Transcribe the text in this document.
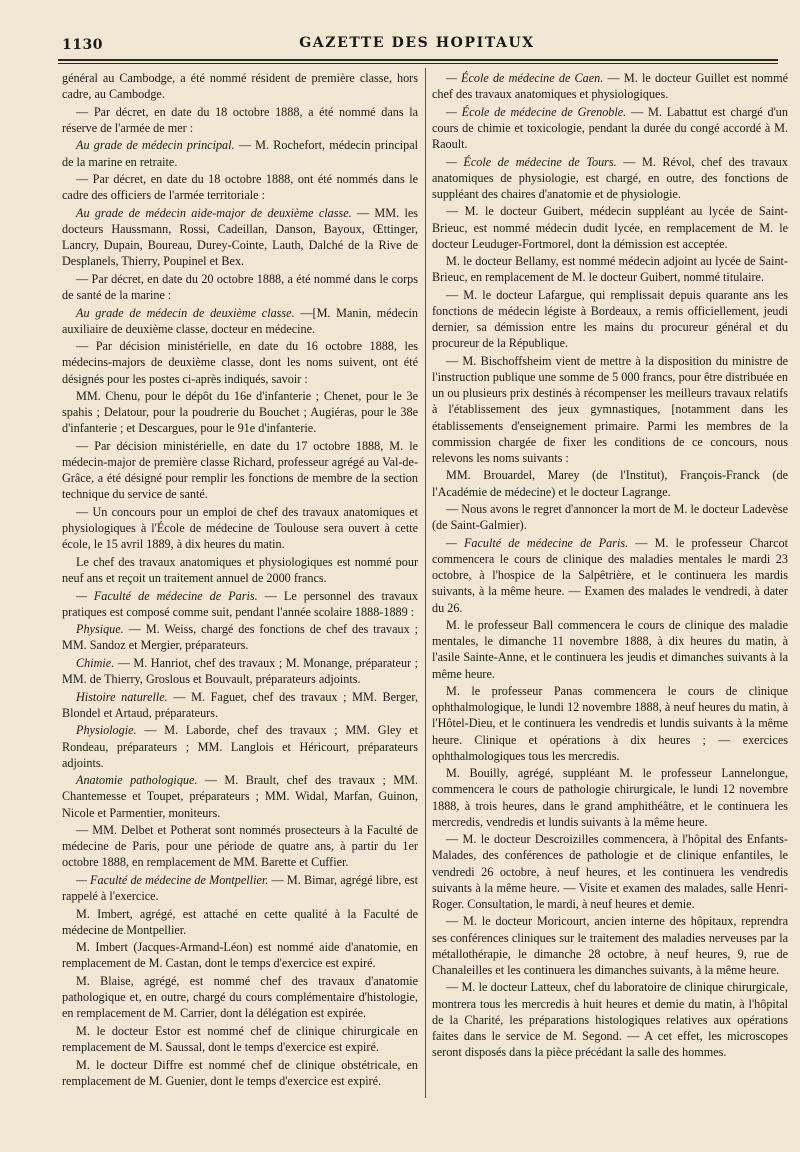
1130	GAZETTE DES HOPITAUX

général au Cambodge, a été nommé résident de première classe, hors cadre, au Cambodge.

— Par décret, en date du 18 octobre 1888, a été nommé dans la réserve de l'armée de mer :

Au grade de médecin principal. — M. Rochefort, médecin principal de la marine en retraite.

— Par décret, en date du 18 octobre 1888, ont été nommés dans le cadre des officiers de l'armée territoriale :

Au grade de médecin aide-major de deuxième classe. — MM. les docteurs Haussmann, Rossi, Cadeillan, Danson, Bayoux, Œttinger, Lancry, Dupain, Boureau, Durey-Cointe, Lauth, Dalché de la Rive de Desplanels, Thierry, Poupinel et Bex.

— Par décret, en date du 20 octobre 1888, a été nommé dans le corps de santé de la marine :

Au grade de médecin de deuxième classe. —[M. Manin, médecin auxiliaire de deuxième classe, docteur en médecine.

— Par décision ministérielle, en date du 16 octobre 1888, les médecins-majors de deuxième classe, dont les noms suivent, ont été désignés pour les postes ci-après indiqués, savoir :

MM. Chenu, pour le dépôt du 16e d'infanterie ; Chenet, pour le 3e spahis ; Delatour, pour la poudrerie du Bouchet ; Augiéras, pour le 38e d'infanterie ; et Descargues, pour le 91e d'infanterie.

— Par décision ministérielle, en date du 17 octobre 1888, M. le médecin-major de première classe Richard, professeur agrégé au Val-de-Grâce, a été désigné pour remplir les fonctions de membre de la section technique du service de santé.

— Un concours pour un emploi de chef des travaux anatomiques et physiologiques à l'École de médecine de Toulouse sera ouvert à cette école, le 15 avril 1889, à dix heures du matin.

Le chef des travaux anatomiques et physiologiques est nommé pour neuf ans et reçoit un traitement annuel de 2000 francs.

— Faculté de médecine de Paris. — Le personnel des travaux pratiques est composé comme suit, pendant l'année scolaire 1888-1889 :

Physique. — M. Weiss, chargé des fonctions de chef des travaux ; MM. Sandoz et Mergier, préparateurs.

Chimie. — M. Hanriot, chef des travaux ; M. Monange, préparateur ; MM. de Thierry, Groslous et Bouvault, préparateurs adjoints.

Histoire naturelle. — M. Faguet, chef des travaux ; MM. Berger, Blondel et Artaud, préparateurs.

Physiologie. — M. Laborde, chef des travaux ; MM. Gley et Rondeau, préparateurs ; MM. Langlois et Héricourt, préparateurs adjoints.

Anatomie pathologique. — M. Brault, chef des travaux ; MM. Chantemesse et Toupet, préparateurs ; MM. Widal, Marfan, Guinon, Nicole et Parmentier, moniteurs.

— MM. Delbet et Potherat sont nommés prosecteurs à la Faculté de médecine de Paris, pour une période de quatre ans, à partir du 1er octobre 1888, en remplacement de MM. Barette et Cuffier.

— Faculté de médecine de Montpellier. — M. Bimar, agrégé libre, est rappelé à l'exercice.

M. Imbert, agrégé, est attaché en cette qualité à la Faculté de médecine de Montpellier.

M. Imbert (Jacques-Armand-Léon) est nommé aide d'anatomie, en remplacement de M. Castan, dont le temps d'exercice est expiré.

M. Blaise, agrégé, est nommé chef des travaux d'anatomie pathologique et, en outre, chargé du cours complémentaire d'histologie, en remplacement de M. Carrier, dont la délégation est expirée.

M. le docteur Estor est nommé chef de clinique chirurgicale en remplacement de M. Saussal, dont le temps d'exercice est expiré.

M. le docteur Diffre est nommé chef de clinique obstétricale, en remplacement de M. Guenier, dont le temps d'exercice est expiré.

— École de médecine de Caen. — M. le docteur Guillet est nommé chef des travaux anatomiques et physiologiques.

— École de médecine de Grenoble. — M. Labattut est chargé d'un cours de chimie et toxicologie, pendant la durée du congé accordé à M. Raoult.

— École de médecine de Tours. — M. Révol, chef des travaux anatomiques de physiologie, est chargé, en outre, des fonctions de suppléant des chaires d'anatomie et de physiologie.

— M. le docteur Guibert, médecin suppléant au lycée de Saint-Brieuc, est nommé médecin dudit lycée, en remplacement de M. le docteur Leuduger-Fortmorel, dont la démission est acceptée.

M. le docteur Bellamy, est nommé médecin adjoint au lycée de Saint-Brieuc, en remplacement de M. le docteur Guibert, nommé titulaire.

— M. le docteur Lafargue, qui remplissait depuis quarante ans les fonctions de médecin légiste à Bordeaux, a remis officiellement, jeudi dernier, sa démission entre les mains du procureur général et du procureur de la République.

— M. Bischoffsheim vient de mettre à la disposition du ministre de l'instruction publique une somme de 5 000 francs, pour être distribuée en un ou plusieurs prix destinés à récompenser les meilleurs travaux relatifs à l'établissement des jeux gymnastiques, [notamment dans les établissements d'enseignement primaire. Parmi les membres de la commission chargée de fixer les conditions de ce concours, nous relevons les noms suivants :

MM. Brouardel, Marey (de l'Institut), François-Franck (de l'Académie de médecine) et le docteur Lagrange.

— Nous avons le regret d'annoncer la mort de M. le docteur Ladevèse (de Saint-Galmier).

— Faculté de médecine de Paris. — M. le professeur Charcot commencera le cours de clinique des maladies mentales le mardi 23 octobre, à l'hospice de la Salpêtrière, et le continuera les mardis suivants, à la même heure. — Examen des malades le vendredi, à dater du 26.

M. le professeur Ball commencera le cours de clinique des maladie mentales, le dimanche 11 novembre 1888, à dix heures du matin, à l'asile Sainte-Anne, et le continuera les jeudis et dimanches suivants à la même heure.

M. le professeur Panas commencera le cours de clinique ophthalmologique, le lundi 12 novembre 1888, à neuf heures du matin, à l'Hôtel-Dieu, et le continuera les vendredis et lundis suivants à la même heure. Clinique et opérations à dix heures ; — exercices ophthalmologiques tous les mercredis.

M. Bouilly, agrégé, suppléant M. le professeur Lannelongue, commencera le cours de pathologie chirurgicale, le lundi 12 novembre 1888, à trois heures, dans le grand amphithéâtre, et le continuera les mercredis, vendredis et lundis suivants à la même heure.

— M. le docteur Descroizilles commencera, à l'hôpital des Enfants-Malades, des conférences de pathologie et de clinique enfantiles, le vendredi 26 octobre, à neuf heures, et les continuera les vendredis suivants à la même heure. — Visite et examen des malades, salle Henri-Roger. Consultation, le mardi, à neuf heures et demie.

— M. le docteur Moricourt, ancien interne des hôpitaux, reprendra ses conférences cliniques sur le traitement des maladies nerveuses par la métallothérapie, le dimanche 28 octobre, à neuf heures, 9, rue de Chanaleilles et les continuera les dimanches suivants, à la même heure.

— M. le docteur Latteux, chef du laboratoire de clinique chirurgicale, montrera tous les mercredis à huit heures et demie du matin, à l'hôpital de la Charité, les préparations histologiques relatives aux opérations faites dans le service de M. Segond. — A cet effet, les microscopes seront disposés dans la pièce précédant la salle des hommes.
